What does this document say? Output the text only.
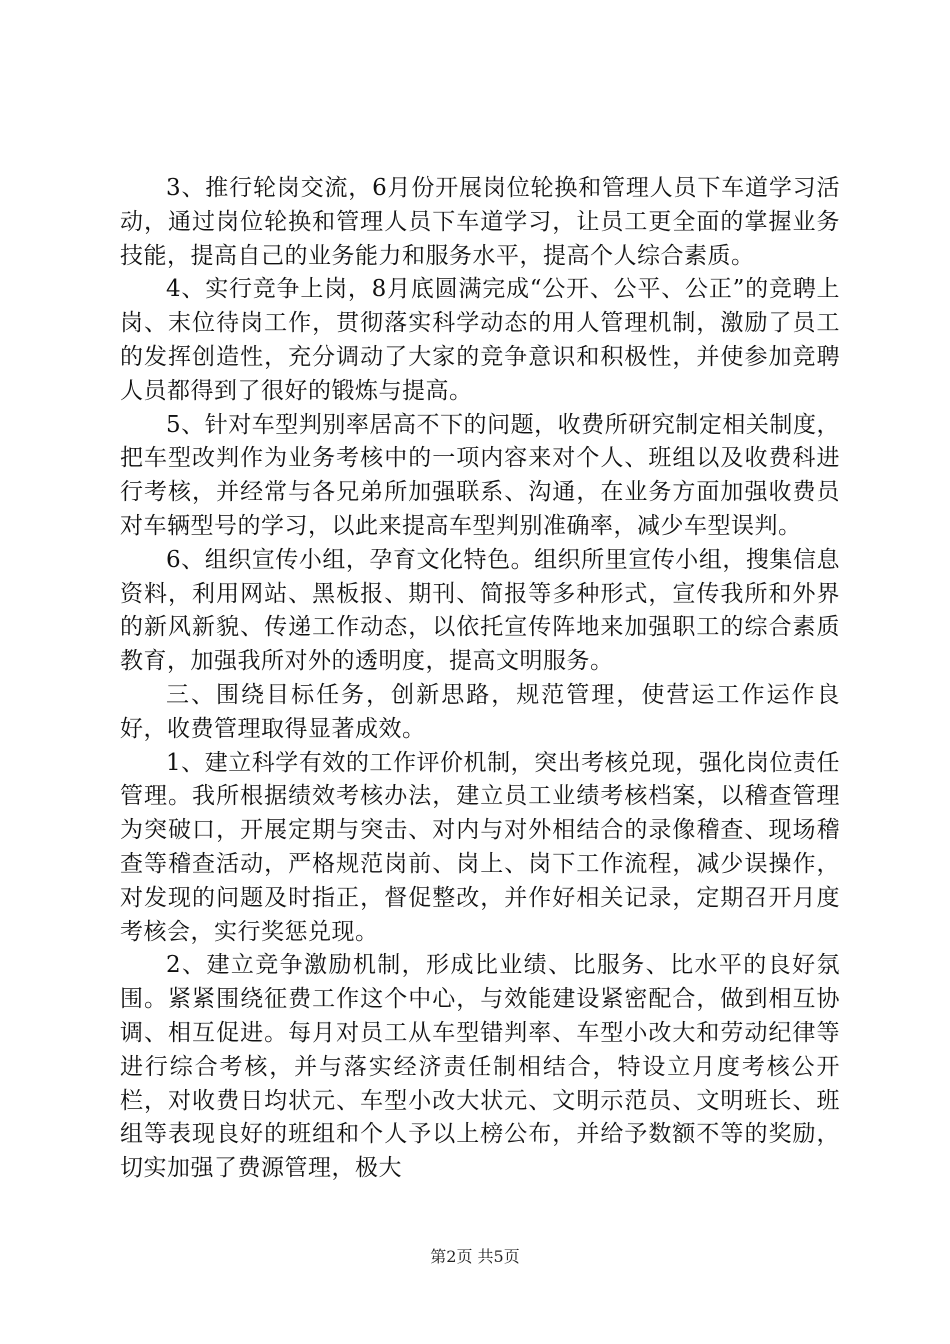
3、推行轮岗交流，6月份开展岗位轮换和管理人员下车道学习活动，通过岗位轮换和管理人员下车道学习，让员工更全面的掌握业务技能，提高自己的业务能力和服务水平，提高个人综合素质。

4、实行竞争上岗，8月底圆满完成“公开、公平、公正”的竞聘上岗、末位待岗工作，贯彻落实科学动态的用人管理机制，激励了员工的发挥创造性，充分调动了大家的竞争意识和积极性，并使参加竞聘人员都得到了很好的锻炼与提高。

5、针对车型判别率居高不下的问题，收费所研究制定相关制度，把车型改判作为业务考核中的一项内容来对个人、班组以及收费科进行考核，并经常与各兄弟所加强联系、沟通，在业务方面加强收费员对车辆型号的学习，以此来提高车型判别准确率，减少车型误判。

6、组织宣传小组，孕育文化特色。组织所里宣传小组，搜集信息资料，利用网站、黑板报、期刊、简报等多种形式，宣传我所和外界的新风新貌、传递工作动态，以依托宣传阵地来加强职工的综合素质教育，加强我所对外的透明度，提高文明服务。

三、围绕目标任务，创新思路，规范管理，使营运工作运作良好，收费管理取得显著成效。

1、建立科学有效的工作评价机制，突出考核兑现，强化岗位责任管理。我所根据绩效考核办法，建立员工业绩考核档案，以稽查管理为突破口，开展定期与突击、对内与对外相结合的录像稽查、现场稽查等稽查活动，严格规范岗前、岗上、岗下工作流程，减少误操作，对发现的问题及时指正，督促整改，并作好相关记录，定期召开月度考核会，实行奖惩兑现。

2、建立竞争激励机制，形成比业绩、比服务、比水平的良好氛围。紧紧围绕征费工作这个中心，与效能建设紧密配合，做到相互协调、相互促进。每月对员工从车型错判率、车型小改大和劳动纪律等进行综合考核，并与落实经济责任制相结合，特设立月度考核公开栏，对收费日均状元、车型小改大状元、文明示范员、文明班长、班组等表现良好的班组和个人予以上榜公布，并给予数额不等的奖励，切实加强了费源管理，极大

第2页 共5页
